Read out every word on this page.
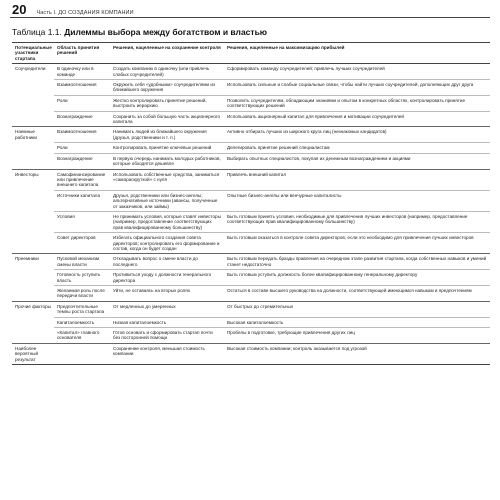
20 Часть I. ДО СОЗДАНИЯ КОМПАНИИ
Таблица 1.1. Дилеммы выбора между богатством и властью
Потенциальные участники стартапа	Область принятия решений	Решения, нацеленные на сохранение контроля	Решения, нацеленные на максимизацию прибылей
Соучредители	В одиночку или в команде	Создать компанию в одиночку (или привлечь слабых соучредителей)	Сформировать команду соучредителей; привлечь лучших соучредителей
	Взаимоотношения	Окружить себя «удобными» соучредителями из ближайшего окружения	Использовать сильные и слабые социальные связи, чтобы найти лучших соучредителей, дополняющих друг друга
	Роли	Жестко контролировать принятие решений, выстроить иерархию	Позволить соучредителям, обладающим знаниями и опытом в конкретных областях, контролировать принятие соответствующих решений
	Вознаграждение	Сохранить за собой большую часть акционерного капитала	Использовать акционерный капитал для привлечения и мотивации соучредителей
Наемные работники	Взаимоотношения	Нанимать людей из ближайшего окружения (друзья, родственники и т. п.)	Активно отбирать лучших из широкого круга лиц (незнакомых кандидатов)
	Роли	Контролировать принятие ключевых решений	Делегировать принятие решений специалистам
	Вознаграждение	В первую очередь нанимать молодых работников, которые обходятся дешевле	Выбирать опытных специалистов, покупая их денежным вознаграждением и акциями
Инвесторы	Самофинансирование или привлечение внешнего капитала	Использовать собственные средства, заниматься «самораскруткой» с нуля	Привлечь внешний капитал
	Источники капитала	Друзья, родственники или бизнес-ангелы; альтернативные источники (авансы, полученные от заказчиков, или займы)	Опытные бизнес-ангелы или венчурные капиталисты
	Условия	Не принимать условия, которые ставят инвесторы (например, предоставление соответствующих прав квалифицированному большинству)	Быть готовым принять условия, необходимые для привлечения лучших инвесторов (например, предоставление соответствующих прав квалифицированному большинству)
	Совет директоров	Избегать официального создания совета директоров; контролировать его формирование и состав, когда он будет создан	Быть готовым оказаться в контроле совета директоров, если это необходимо для привлечения лучших инвесторов
Преемники	Пусковой механизм смены власти	Откладывать вопрос о смене власти до последнего	Быть готовым передать бразды правления на очередном этапе развития стартапа, когда собственных навыков и умений станет недостаточно
	Готовность уступить власть	Противиться уходу с должности генерального директора	Быть готовым уступить должность более квалифицированному генеральному директору
	Желаемая роль после передачи власти	Уйти, не оставаясь на вторых ролях	Остаться в составе высшего руководства на должности, соответствующей имеющимся навыкам и предпочтениям
Прочие факторы	Предпочтительные темпы роста стартапа	От медленных до умеренных	От быстрых до стремительных
	Капиталоемкость	Низкая капиталоемкость	Высокая капиталоемкость
	«Капитал» главного основателя	Готов основать и сформировать стартап почти без посторонней помощи	Пробелы в подготовке, требующие привлечения других лиц
Наиболее вероятный результат		Сохранение контроля, меньшая стоимость компании	Высокая стоимость компании; контроль оказывается под угрозой
